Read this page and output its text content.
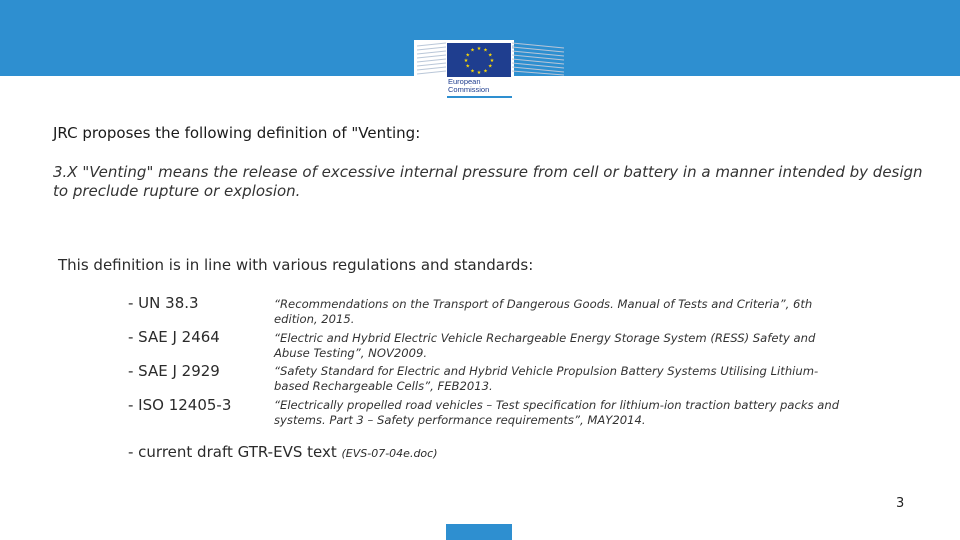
★ ★
★
★
★
★
★
★
★
★
★
★
European
Commission
JRC proposes the following definition of "Venting:
3.X "Venting" means the release of excessive internal pressure from cell or battery in a manner intended by design to preclude rupture or explosion.
This definition is in line with various regulations and standards:
- UN 38.3	“Recommendations on the Transport of Dangerous Goods. Manual of Tests and Criteria”, 6th edition, 2015.
- SAE J 2464	“Electric and Hybrid Electric Vehicle Rechargeable Energy Storage System (RESS) Safety and Abuse Testing”, NOV2009.
- SAE J 2929	“Safety Standard for Electric and Hybrid Vehicle Propulsion Battery Systems Utilising Lithium-based Rechargeable Cells”, FEB2013.
- ISO 12405-3	“Electrically propelled road vehicles – Test specification for lithium-ion traction battery packs and systems. Part 3 – Safety performance requirements”, MAY2014.
- current draft GTR-EVS text (EVS-07-04e.doc)
3
